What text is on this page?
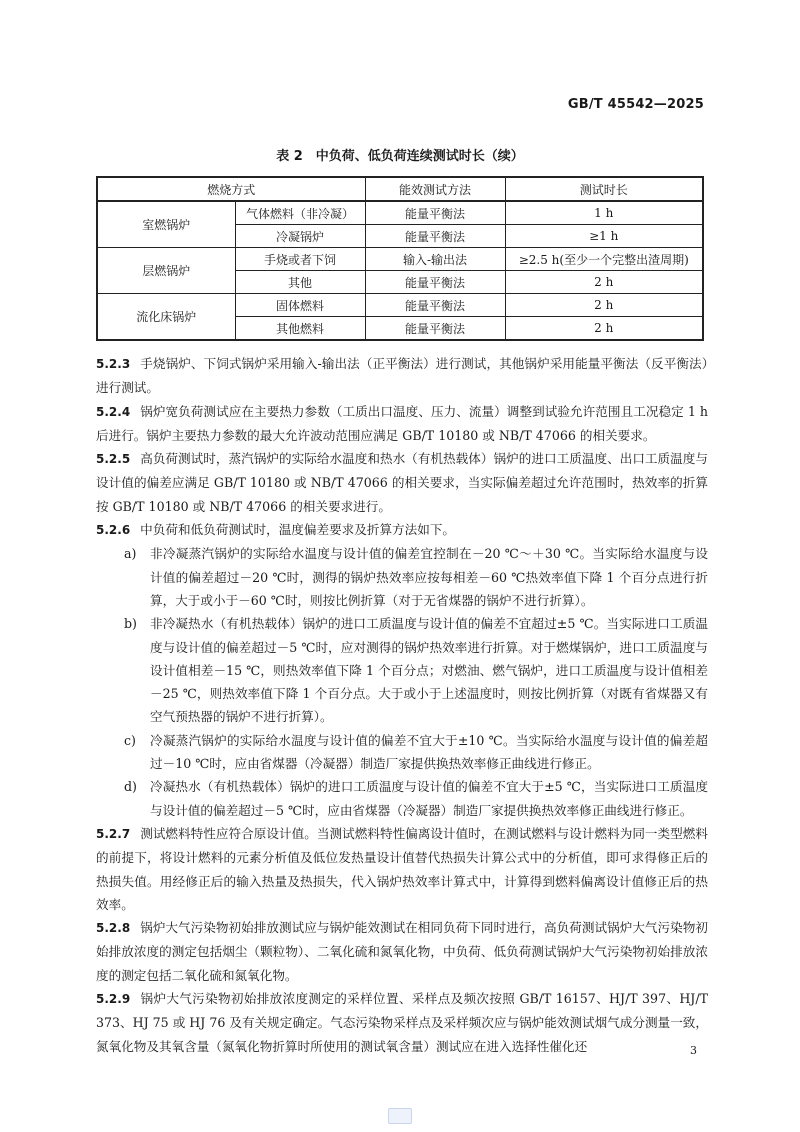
GB/T 45542—2025
表 2　中负荷、低负荷连续测试时长（续）
燃烧方式		能效测试方法	测试时长
室燃锅炉	气体燃料（非冷凝）	能量平衡法	1 h
	冷凝锅炉	能量平衡法	≥1 h
层燃锅炉	手烧或者下饲	输入-输出法	≥2.5 h(至少一个完整出渣周期)
	其他	能量平衡法	2 h
流化床锅炉	固体燃料	能量平衡法	2 h
	其他燃料	能量平衡法	2 h

5.2.3 手烧锅炉、下饲式锅炉采用输入-输出法（正平衡法）进行测试，其他锅炉采用能量平衡法（反平衡法）进行测试。

5.2.4 锅炉宽负荷测试应在主要热力参数（工质出口温度、压力、流量）调整到试验允许范围且工况稳定 1 h 后进行。锅炉主要热力参数的最大允许波动范围应满足 GB/T 10180 或 NB/T 47066 的相关要求。

5.2.5 高负荷测试时，蒸汽锅炉的实际给水温度和热水（有机热载体）锅炉的进口工质温度、出口工质温度与设计值的偏差应满足 GB/T 10180 或 NB/T 47066 的相关要求，当实际偏差超过允许范围时，热效率的折算按 GB/T 10180 或 NB/T 47066 的相关要求进行。

5.2.6 中负荷和低负荷测试时，温度偏差要求及折算方法如下。

a)	非冷凝蒸汽锅炉的实际给水温度与设计值的偏差宜控制在－20 ℃～＋30 ℃。当实际给水温度与设计值的偏差超过－20 ℃时，测得的锅炉热效率应按每相差－60 ℃热效率值下降 1 个百分点进行折算，大于或小于－60 ℃时，则按比例折算（对于无省煤器的锅炉不进行折算）。
b)	非冷凝热水（有机热载体）锅炉的进口工质温度与设计值的偏差不宜超过±5 ℃。当实际进口工质温度与设计值的偏差超过－5 ℃时，应对测得的锅炉热效率进行折算。对于燃煤锅炉，进口工质温度与设计值相差－15 ℃，则热效率值下降 1 个百分点；对燃油、燃气锅炉，进口工质温度与设计值相差－25 ℃，则热效率值下降 1 个百分点。大于或小于上述温度时，则按比例折算（对既有省煤器又有空气预热器的锅炉不进行折算）。
c)	冷凝蒸汽锅炉的实际给水温度与设计值的偏差不宜大于±10 ℃。当实际给水温度与设计值的偏差超过－10 ℃时，应由省煤器（冷凝器）制造厂家提供换热效率修正曲线进行修正。
d)	冷凝热水（有机热载体）锅炉的进口工质温度与设计值的偏差不宜大于±5 ℃，当实际进口工质温度与设计值的偏差超过－5 ℃时，应由省煤器（冷凝器）制造厂家提供换热效率修正曲线进行修正。

5.2.7 测试燃料特性应符合原设计值。当测试燃料特性偏离设计值时，在测试燃料与设计燃料为同一类型燃料的前提下，将设计燃料的元素分析值及低位发热量设计值替代热损失计算公式中的分析值，即可求得修正后的热损失值。用经修正后的输入热量及热损失，代入锅炉热效率计算式中，计算得到燃料偏离设计值修正后的热效率。

5.2.8 锅炉大气污染物初始排放测试应与锅炉能效测试在相同负荷下同时进行，高负荷测试锅炉大气污染物初始排放浓度的测定包括烟尘（颗粒物）、二氧化硫和氮氧化物，中负荷、低负荷测试锅炉大气污染物初始排放浓度的测定包括二氧化硫和氮氧化物。

5.2.9 锅炉大气污染物初始排放浓度测定的采样位置、采样点及频次按照 GB/T 16157、HJ/T 397、HJ/T 373、HJ 75 或 HJ 76 及有关规定确定。气态污染物采样点及采样频次应与锅炉能效测试烟气成分测量一致，氮氧化物及其氧含量（氮氧化物折算时所使用的测试氧含量）测试应在进入选择性催化还	3
